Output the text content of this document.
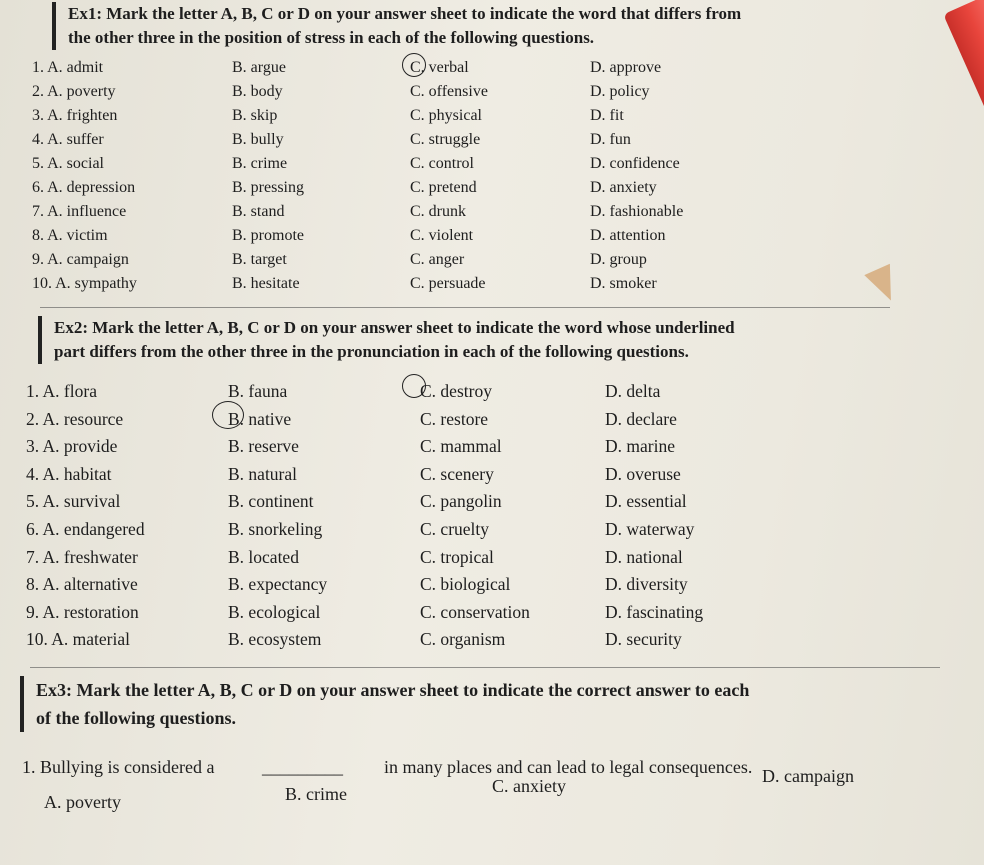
Ex1: Mark the letter A, B, C or D on your answer sheet to indicate the word that differs from
the other three in the position of stress in each of the following questions.
1. A. admit	B. argue	C. verbal	D. approve
2. A. poverty	B. body	C. offensive	D. policy
3. A. frighten	B. skip	C. physical	D. fit
4. A. suffer	B. bully	C. struggle	D. fun
5. A. social	B. crime	C. control	D. confidence
6. A. depression	B. pressing	C. pretend	D. anxiety
7. A. influence	B. stand	C. drunk	D. fashionable
8. A. victim	B. promote	C. violent	D. attention
9. A. campaign	B. target	C. anger	D. group
10. A. sympathy	B. hesitate	C. persuade	D. smoker
Ex2: Mark the letter A, B, C or D on your answer sheet to indicate the word whose underlined
part differs from the other three in the pronunciation in each of the following questions.
1. A. flora	B. fauna	C. destroy	D. delta
2. A. resource	B. native	C. restore	D. declare
3. A. provide	B. reserve	C. mammal	D. marine
4. A. habitat	B. natural	C. scenery	D. overuse
5. A. survival	B. continent	C. pangolin	D. essential
6. A. endangered	B. snorkeling	C. cruelty	D. waterway
7. A. freshwater	B. located	C. tropical	D. national
8. A. alternative	B. expectancy	C. biological	D. diversity
9. A. restoration	B. ecological	C. conservation	D. fascinating
10. A. material	B. ecosystem	C. organism	D. security
Ex3: Mark the letter A, B, C or D on your answer sheet to indicate the correct answer to each
of the following questions.
1. Bullying is considered a	_________ in many places and can lead to legal consequences.
A. poverty	B. crime	C. anxiety	D. campaign
